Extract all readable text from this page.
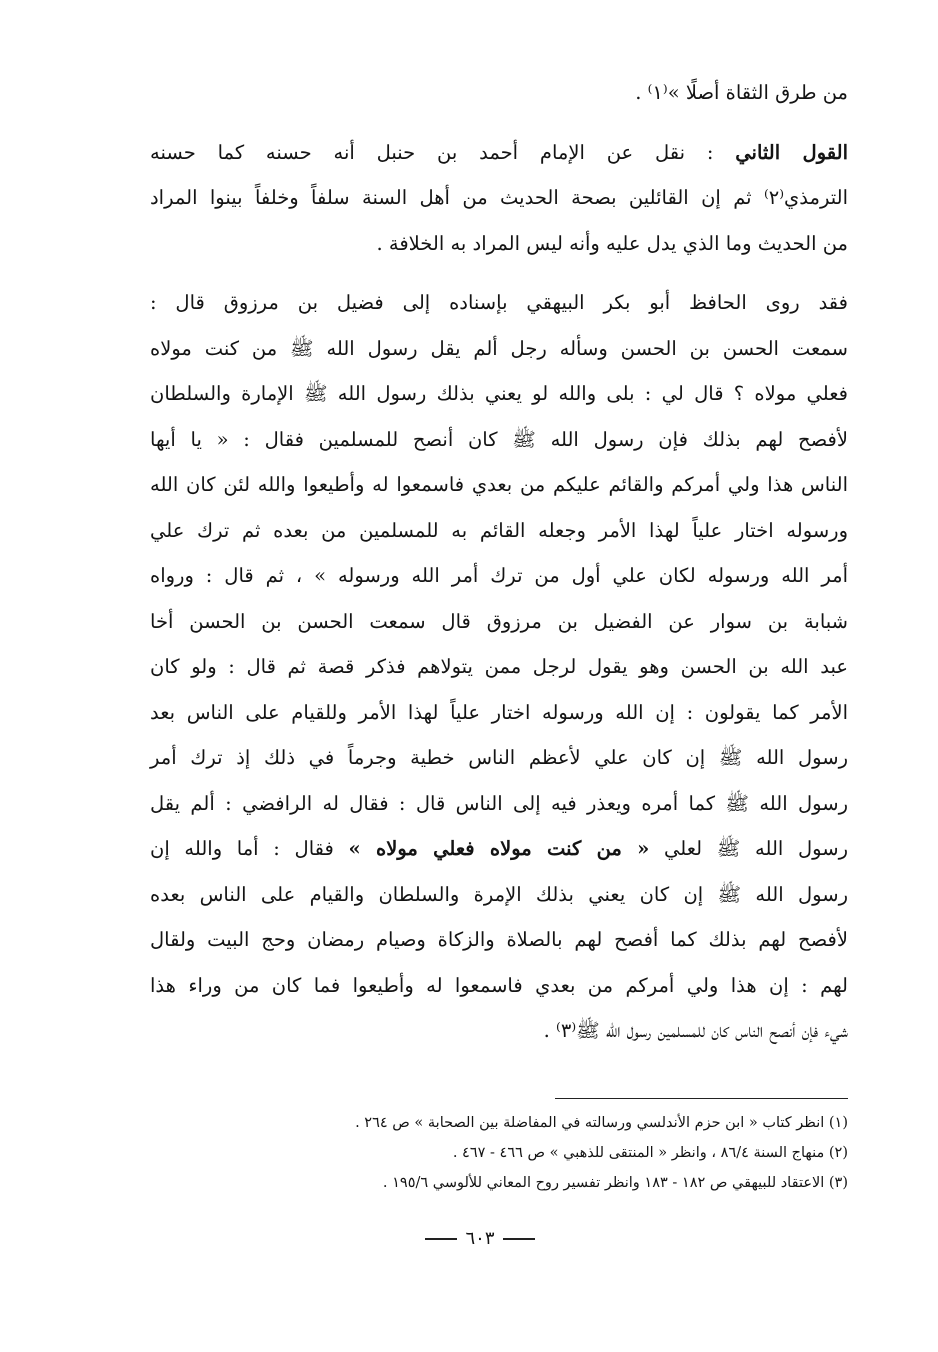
من طرق الثقاة أصلًا »⁽١⁾ .

القول الثاني : نقل عن الإمام أحمد بن حنبل أنه حسنه كما حسنه
الترمذي⁽٢⁾ ثم إن القائلين بصحة الحديث من أهل السنة سلفاً وخلفاً بينوا المراد
من الحديث وما الذي يدل عليه وأنه ليس المراد به الخلافة .

فقد روى الحافظ أبو بكر البيهقي بإسناده إلى فضيل بن مرزوق قال :
سمعت الحسن بن الحسن وسأله رجل ألم يقل رسول الله ﷺ من كنت مولاه
فعلي مولاه ؟ قال لي : بلى والله لو يعني بذلك رسول الله ﷺ الإمارة والسلطان
لأفصح لهم بذلك فإن رسول الله ﷺ كان أنصح للمسلمين فقال : « يا أيها
الناس هذا ولي أمركم والقائم عليكم من بعدي فاسمعوا له وأطيعوا والله لئن كان الله
ورسوله اختار علياً لهذا الأمر وجعله القائم به للمسلمين من بعده ثم ترك علي
أمر الله ورسوله لكان علي أول من ترك أمر الله ورسوله » ، ثم قال : ورواه
شبابة بن سوار عن الفضيل بن مرزوق قال سمعت الحسن بن الحسن أخا
عبد الله بن الحسن وهو يقول لرجل ممن يتولاهم فذكر قصة ثم قال : ولو كان
الأمر كما يقولون : إن الله ورسوله اختار علياً لهذا الأمر وللقيام على الناس بعد
رسول الله ﷺ إن كان علي لأعظم الناس خطية وجرماً في ذلك إذ ترك أمر
رسول الله ﷺ كما أمره ويعذر فيه إلى الناس قال : فقال له الرافضي : ألم يقل
رسول الله ﷺ لعلي « من كنت مولاه فعلي مولاه » فقال : أما والله إن
رسول الله ﷺ إن كان يعني بذلك الإمرة والسلطان والقيام على الناس بعده
لأفصح لهم بذلك كما أفصح لهم بالصلاة والزكاة وصيام رمضان وحج البيت ولقال
لهم : إن هذا ولي أمركم من بعدي فاسمعوا له وأطيعوا فما كان من وراء هذا
شيء فإن أنصح الناس كان للمسلمين رسول الله ﷺ⁽٣⁾ .

(١) انظر كتاب « ابن حزم الأندلسي ورسالته في المفاضلة بين الصحابة » ص ٢٦٤ .
(٢) منهاج السنة ٨٦/٤ ، وانظر « المنتقى للذهبي » ص ٤٦٦ - ٤٦٧ .
(٣) الاعتقاد للبيهقي ص ١٨٢ - ١٨٣ وانظر تفسير روح المعاني للألوسي ١٩٥/٦ .
٦٠٣
